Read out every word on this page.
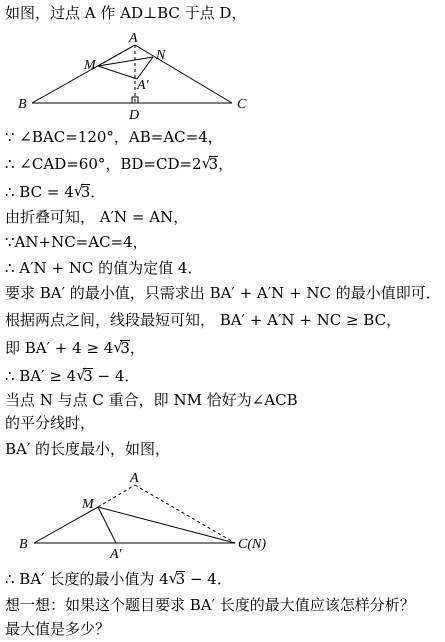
如图，过点 A 作 AD⊥BC 于点 D，
∵ ∠BAC=120°，AB=AC=4，
∴ ∠CAD=60°，BD=CD=2 √ 3，
∴ BC = 4 √ 3．
由折叠可知， A′N = AN，
∵AN+NC=AC=4，
∴ A′N + NC 的值为定值 4．
要求 BA′ 的最小值，只需求出 BA′ + A′N + NC 的最小值即可．
根据两点之间，线段最短可知， BA′ + A′N + NC ≥ BC，
即 BA′ + 4 ≥ 4 √ 3，
∴ BA′ ≥ 4 √ 3 − 4．
当点 N 与点 C 重合，即 NM 恰好为∠ACB
的平分线时，
BA′ 的长度最小，如图，
∴ BA′ 长度的最小值为 4 √ 3 − 4．
想一想：如果这个题目要求 BA′ 长度的最大值应该怎样分析？
最大值是多少？
A
N
M
A′
B
D
C
A
M
B
A′
C(N)
